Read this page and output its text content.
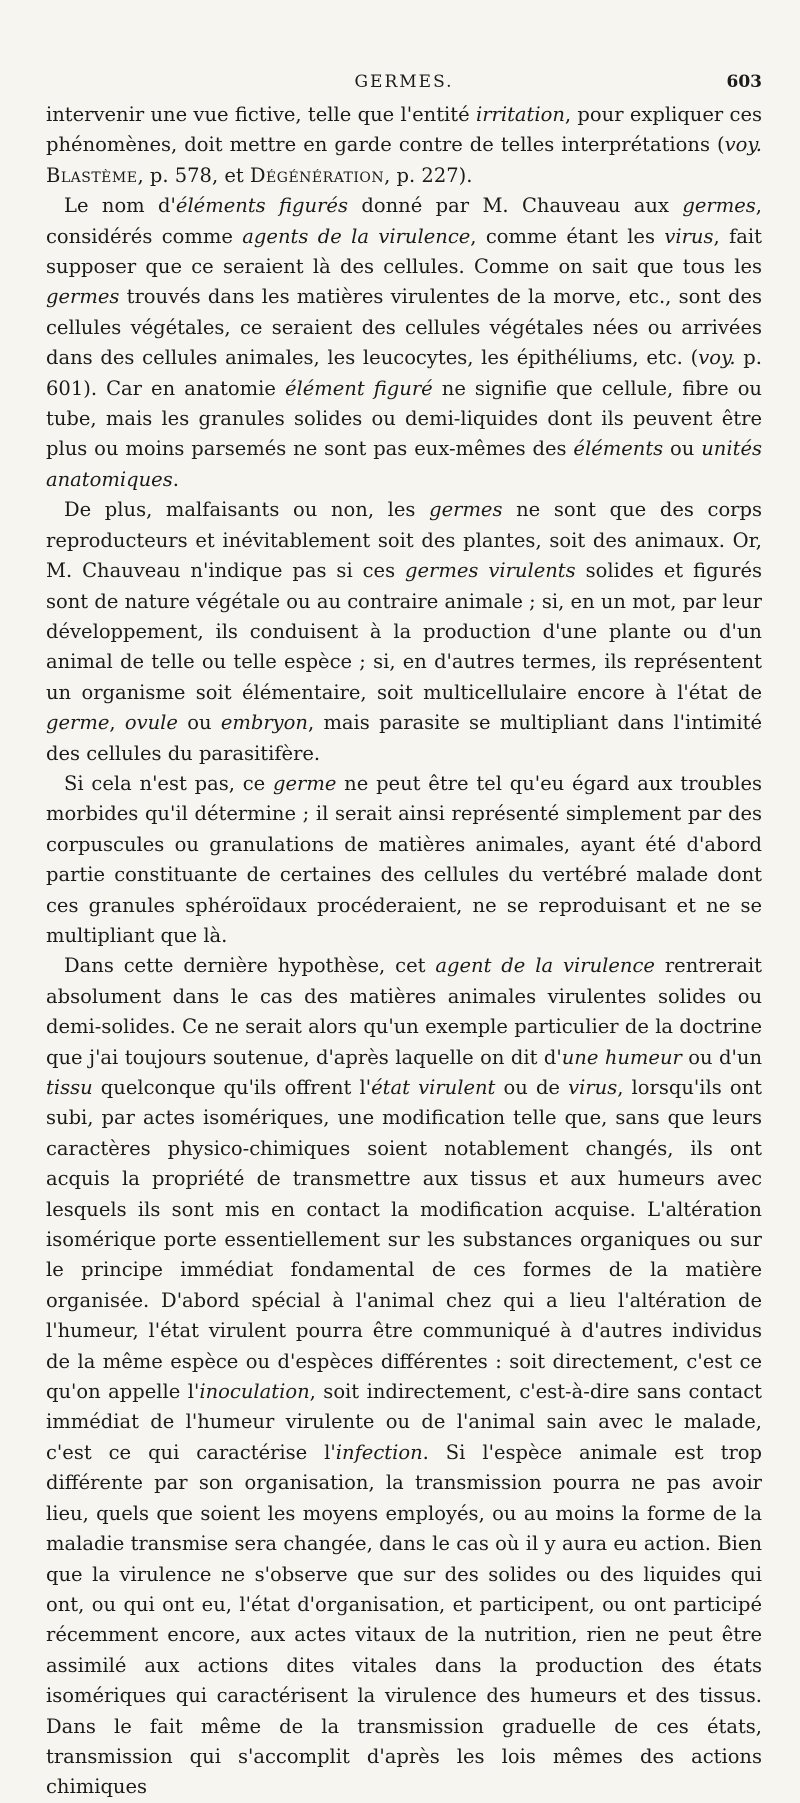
GERMES.	603

intervenir une vue fictive, telle que l'entité irritation, pour expliquer ces phénomènes, doit mettre en garde contre de telles interprétations (voy. Blastème, p. 578, et Dégénération, p. 227).

Le nom d'éléments figurés donné par M. Chauveau aux germes, considérés comme agents de la virulence, comme étant les virus, fait supposer que ce seraient là des cellules. Comme on sait que tous les germes trouvés dans les matières virulentes de la morve, etc., sont des cellules végétales, ce seraient des cellules végétales nées ou arrivées dans des cellules animales, les leucocytes, les épithéliums, etc. (voy. p. 601). Car en anatomie élément figuré ne signifie que cellule, fibre ou tube, mais les granules solides ou demi-liquides dont ils peuvent être plus ou moins parsemés ne sont pas eux-mêmes des éléments ou unités anatomiques.

De plus, malfaisants ou non, les germes ne sont que des corps reproducteurs et inévitablement soit des plantes, soit des animaux. Or, M. Chauveau n'indique pas si ces germes virulents solides et figurés sont de nature végétale ou au contraire animale ; si, en un mot, par leur développement, ils conduisent à la production d'une plante ou d'un animal de telle ou telle espèce ; si, en d'autres termes, ils représentent un organisme soit élémentaire, soit multicellulaire encore à l'état de germe, ovule ou embryon, mais parasite se multipliant dans l'intimité des cellules du parasitifère.

Si cela n'est pas, ce germe ne peut être tel qu'eu égard aux troubles morbides qu'il détermine ; il serait ainsi représenté simplement par des corpuscules ou granulations de matières animales, ayant été d'abord partie constituante de certaines des cellules du vertébré malade dont ces granules sphéroïdaux procéderaient, ne se reproduisant et ne se multipliant que là.

Dans cette dernière hypothèse, cet agent de la virulence rentrerait absolument dans le cas des matières animales virulentes solides ou demi-solides. Ce ne serait alors qu'un exemple particulier de la doctrine que j'ai toujours soutenue, d'après laquelle on dit d'une humeur ou d'un tissu quelconque qu'ils offrent l'état virulent ou de virus, lorsqu'ils ont subi, par actes isomériques, une modification telle que, sans que leurs caractères physico-chimiques soient notablement changés, ils ont acquis la propriété de transmettre aux tissus et aux humeurs avec lesquels ils sont mis en contact la modification acquise. L'altération isomérique porte essentiellement sur les substances organiques ou sur le principe immédiat fondamental de ces formes de la matière organisée. D'abord spécial à l'animal chez qui a lieu l'altération de l'humeur, l'état virulent pourra être communiqué à d'autres individus de la même espèce ou d'espèces différentes : soit directement, c'est ce qu'on appelle l'inoculation, soit indirectement, c'est-à-dire sans contact immédiat de l'humeur virulente ou de l'animal sain avec le malade, c'est ce qui caractérise l'infection. Si l'espèce animale est trop différente par son organisation, la transmission pourra ne pas avoir lieu, quels que soient les moyens employés, ou au moins la forme de la maladie transmise sera changée, dans le cas où il y aura eu action. Bien que la virulence ne s'observe que sur des solides ou des liquides qui ont, ou qui ont eu, l'état d'organisation, et participent, ou ont participé récemment encore, aux actes vitaux de la nutrition, rien ne peut être assimilé aux actions dites vitales dans la production des états isomériques qui caractérisent la virulence des humeurs et des tissus. Dans le fait même de la transmission graduelle de ces états, transmission qui s'accomplit d'après les lois mêmes des actions chimiques
